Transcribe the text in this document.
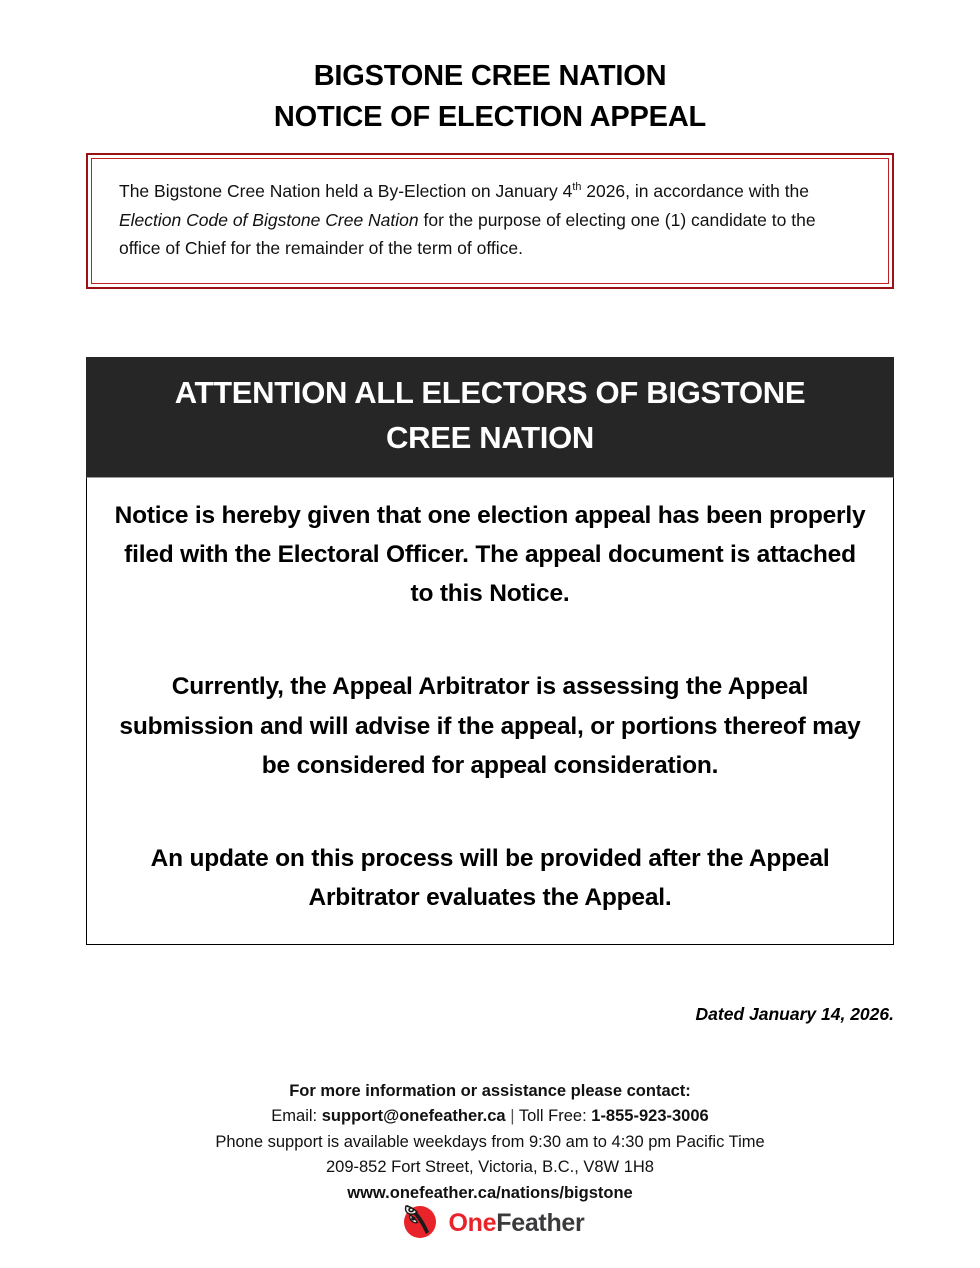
BIGSTONE CREE NATION
NOTICE OF ELECTION APPEAL
The Bigstone Cree Nation held a By-Election on January 4th 2026, in accordance with the Election Code of Bigstone Cree Nation for the purpose of electing one (1) candidate to the office of Chief for the remainder of the term of office.
ATTENTION ALL ELECTORS OF BIGSTONE
CREE NATION

Notice is hereby given that one election appeal has been properly filed with the Electoral Officer. The appeal document is attached to this Notice.

Currently, the Appeal Arbitrator is assessing the Appeal submission and will advise if the appeal, or portions thereof may be considered for appeal consideration.

An update on this process will be provided after the Appeal Arbitrator evaluates the Appeal.

Dated January 14, 2026.
For more information or assistance please contact:
Email: support@onefeather.ca | Toll Free: 1-855-923-3006
Phone support is available weekdays from 9:30 am to 4:30 pm Pacific Time
209-852 Fort Street, Victoria, B.C., V8W 1H8
www.onefeather.ca/nations/bigstone
OneFeather
